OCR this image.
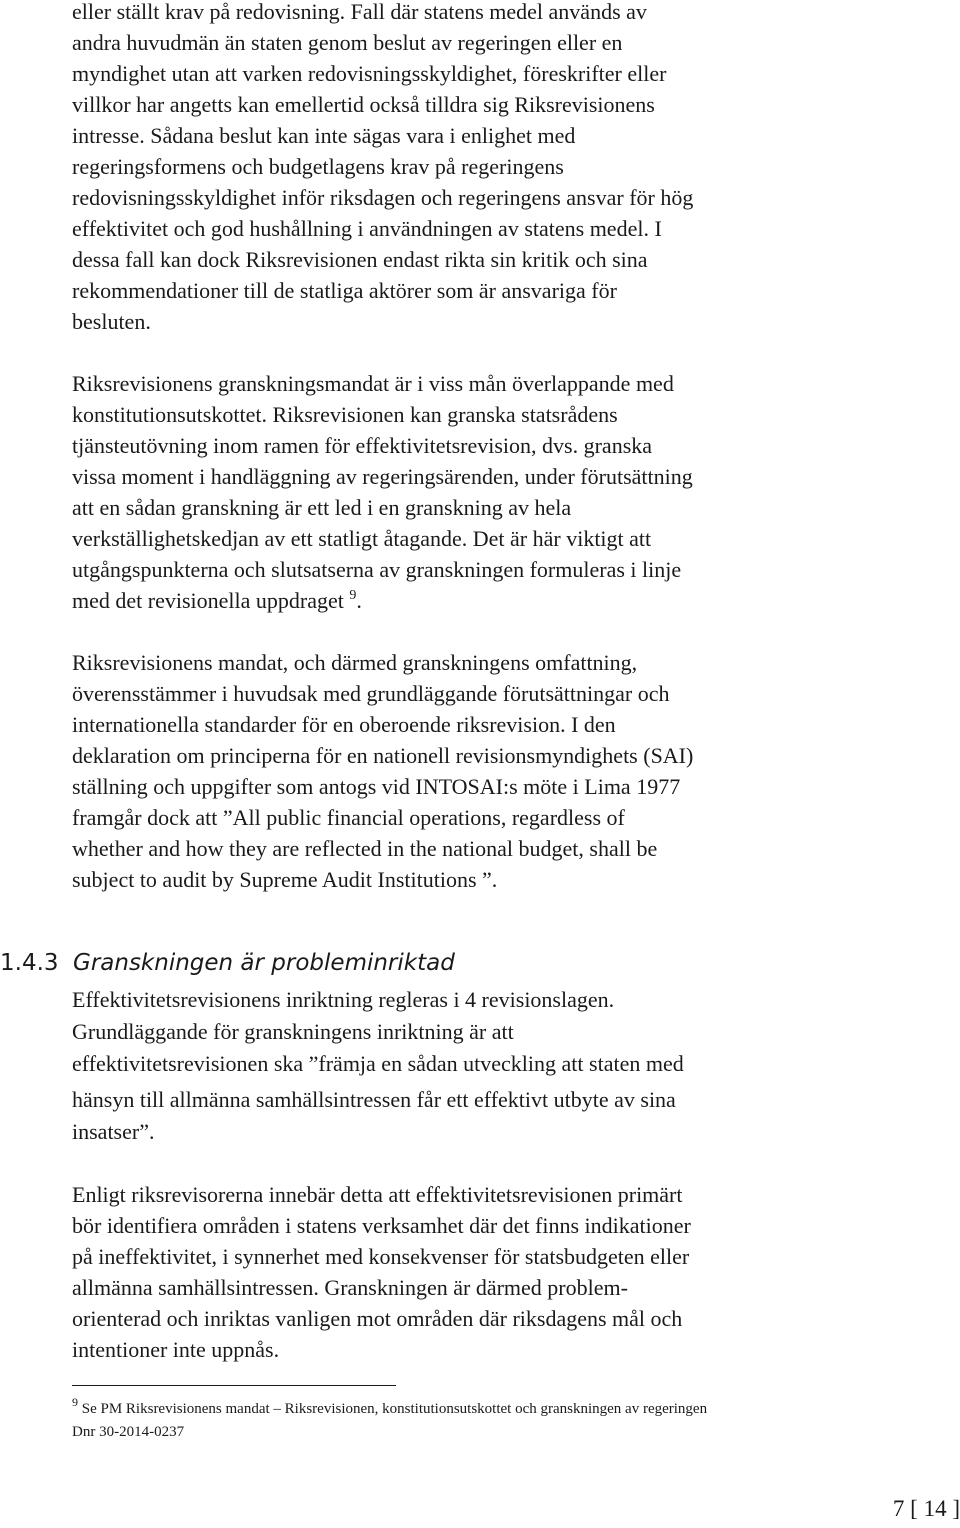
eller ställt krav på redovisning. Fall där statens medel används av
andra huvudmän än staten genom beslut av regeringen eller en
myndighet utan att varken redovisningsskyldighet, föreskrifter eller
villkor har angetts kan emellertid också tilldra sig Riksrevisionens
intresse. Sådana beslut kan inte sägas vara i enlighet med
regeringsformens och budgetlagens krav på regeringens
redovisningsskyldighet inför riksdagen och regeringens ansvar för hög
effektivitet och god hushållning i användningen av statens medel. I
dessa fall kan dock Riksrevisionen endast rikta sin kritik och sina
rekommendationer till de statliga aktörer som är ansvariga för
besluten.

Riksrevisionens granskningsmandat är i viss mån överlappande med
konstitutionsutskottet. Riksrevisionen kan granska statsrådens
tjänsteutövning inom ramen för effektivitetsrevision, dvs. granska
vissa moment i handläggning av regeringsärenden, under förutsättning
att en sådan granskning är ett led i en granskning av hela
verkställighetskedjan av ett statligt åtagande. Det är här viktigt att
utgångspunkterna och slutsatserna av granskningen formuleras i linje
med det revisionella uppdraget $^9$.

Riksrevisionens mandat, och därmed granskningens omfattning,
överensstämmer i huvudsak med grundläggande förutsättningar och
internationella standarder för en oberoende riksrevision. I den
deklaration om principerna för en nationell revisionsmyndighets (SAI)
ställning och uppgifter som antogs vid INTOSAI:s möte i Lima 1977
framgår dock att ”All public financial operations, regardless of
whether and how they are reflected in the national budget, shall be
subject to audit by Supreme Audit Institutions ”.

1.4.3 Granskningen är probleminriktad

Effektivitetsrevisionens inriktning regleras i 4 revisionslagen.
Grundläggande för granskningens inriktning är att
effektivitetsrevisionen ska ”främja en sådan utveckling att staten med
hänsyn till allmänna samhällsintressen får ett effektivt utbyte av sina
insatser”.

Enligt riksrevisorerna innebär detta att effektivitetsrevisionen primärt
bör identifiera områden i statens verksamhet där det finns indikationer
på ineffektivitet, i synnerhet med konsekvenser för statsbudgeten eller
allmänna samhällsintressen. Granskningen är därmed problem-
orienterad och inriktas vanligen mot områden där riksdagens mål och
intentioner inte uppnås.

$^9$ Se PM Riksrevisionens mandat – Riksrevisionen, konstitutionsutskottet och granskningen av regeringen
Dnr 30-2014-0237
7 [ 14 ]
